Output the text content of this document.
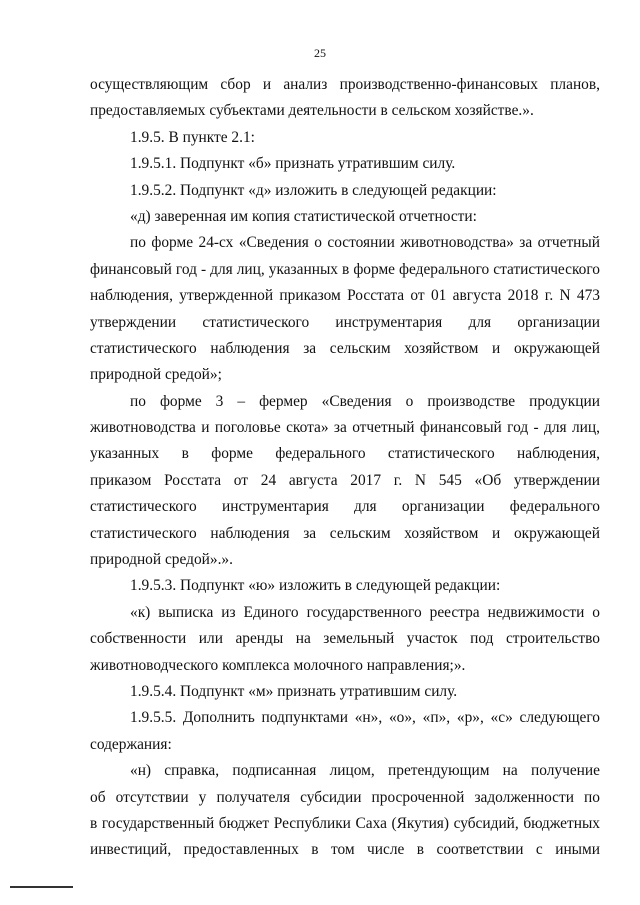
25
осуществляющим сбор и анализ производственно-финансовых планов,
предоставляемых субъектами деятельности в сельском хозяйстве.».
1.9.5. В пункте 2.1:
1.9.5.1. Подпункт «б» признать утратившим силу.
1.9.5.2. Подпункт «д» изложить в следующей редакции:
«д) заверенная им копия статистической отчетности:
по форме 24-сх «Сведения о состоянии животноводства» за отчетный
финансовый год - для лиц, указанных в форме федерального статистического
наблюдения, утвержденной приказом Росстата от 01 августа 2018 г. N 473
утверждении статистического инструментария для организации
статистического наблюдения за сельским хозяйством и окружающей
природной средой»;
по форме 3 – фермер «Сведения о производстве продукции
животноводства и поголовье скота» за отчетный финансовый год - для лиц,
указанных в форме федерального статистического наблюдения,
приказом Росстата от 24 августа 2017 г. N 545 «Об утверждении
статистического инструментария для организации федерального
статистического наблюдения за сельским хозяйством и окружающей
природной средой».».
1.9.5.3. Подпункт «ю» изложить в следующей редакции:
«к) выписка из Единого государственного реестра недвижимости о
собственности или аренды на земельный участок под строительство
животноводческого комплекса молочного направления;».
1.9.5.4. Подпункт «м» признать утратившим силу.
1.9.5.5. Дополнить подпунктами «н», «о», «п», «р», «с» следующего
содержания:
«н) справка, подписанная лицом, претендующим на получение
об отсутствии у получателя субсидии просроченной задолженности по
в государственный бюджет Республики Саха (Якутия) субсидий, бюджетных
инвестиций, предоставленных в том числе в соответствии с иными
